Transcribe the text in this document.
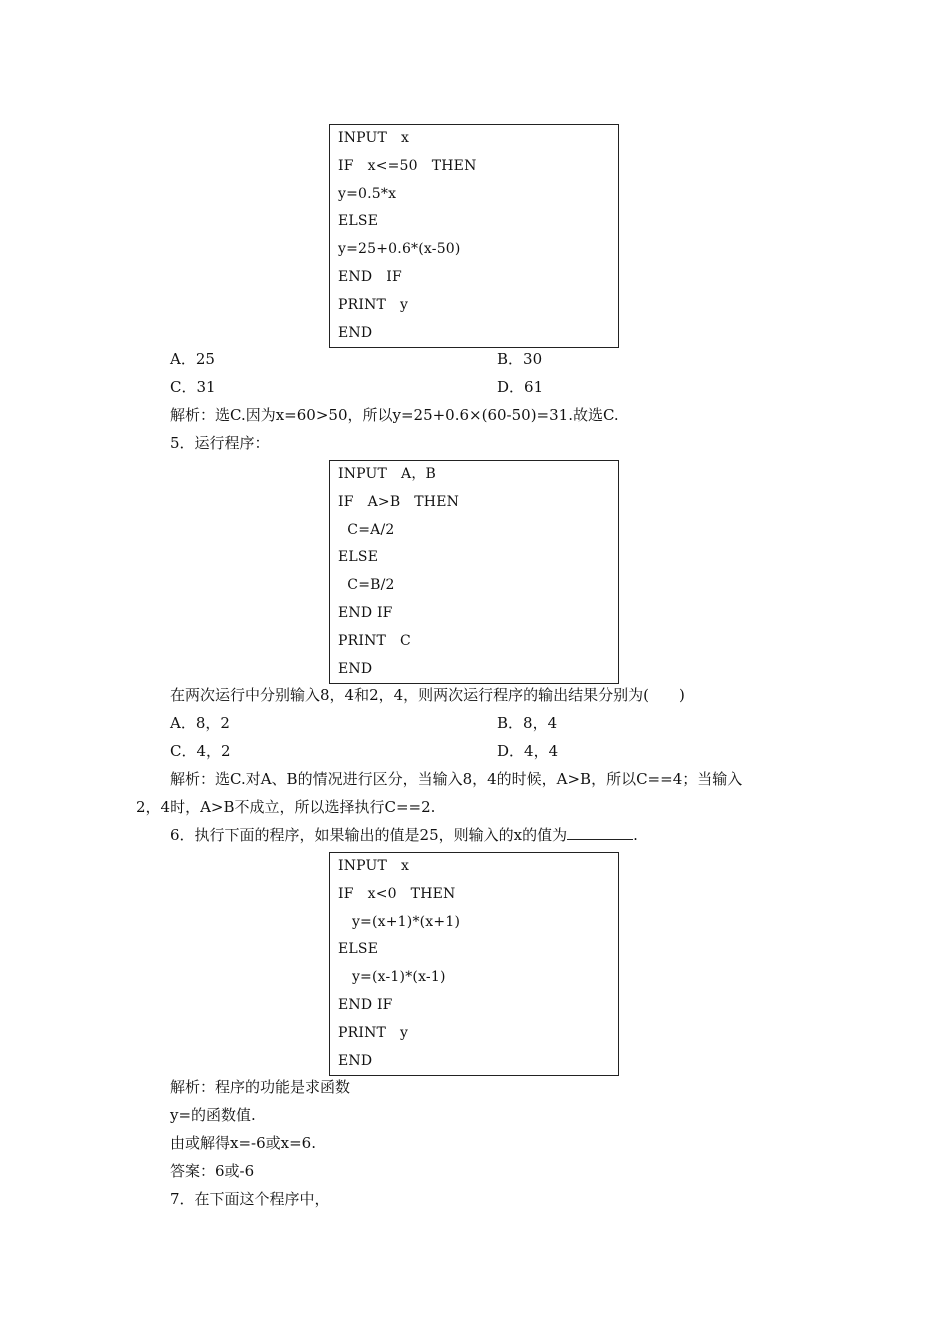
INPUT   x
IF   x<=50   THEN
y=0.5*x
ELSE
y=25+0.6*(x-50)
END   IF
PRINT   y
END
A．25	B．30
C．31	D．61
解析：选C.因为x=60>50，所以y=25+0.6×(60-50)=31.故选C.
5．运行程序：
INPUT   A，B
IF   A>B   THEN
C=A/2
ELSE
C=B/2
END IF
PRINT   C
END
在两次运行中分别输入8，4和2，4，则两次运行程序的输出结果分别为(　　)
A．8，2	B．8，4
C．4，2	D．4，4
解析：选C.对A、B的情况进行区分，当输入8，4的时候，A>B，所以C==4；当输入
2，4时，A>B不成立，所以选择执行C==2.
6．执行下面的程序，如果输出的值是25，则输入的x的值为	.
INPUT   x
IF   x<0   THEN
y=(x+1)*(x+1)
ELSE
y=(x-1)*(x-1)
END IF
PRINT   y
END
解析：程序的功能是求函数
y=的函数值.
由或解得x=-6或x=6.
答案：6或-6
7．在下面这个程序中，
